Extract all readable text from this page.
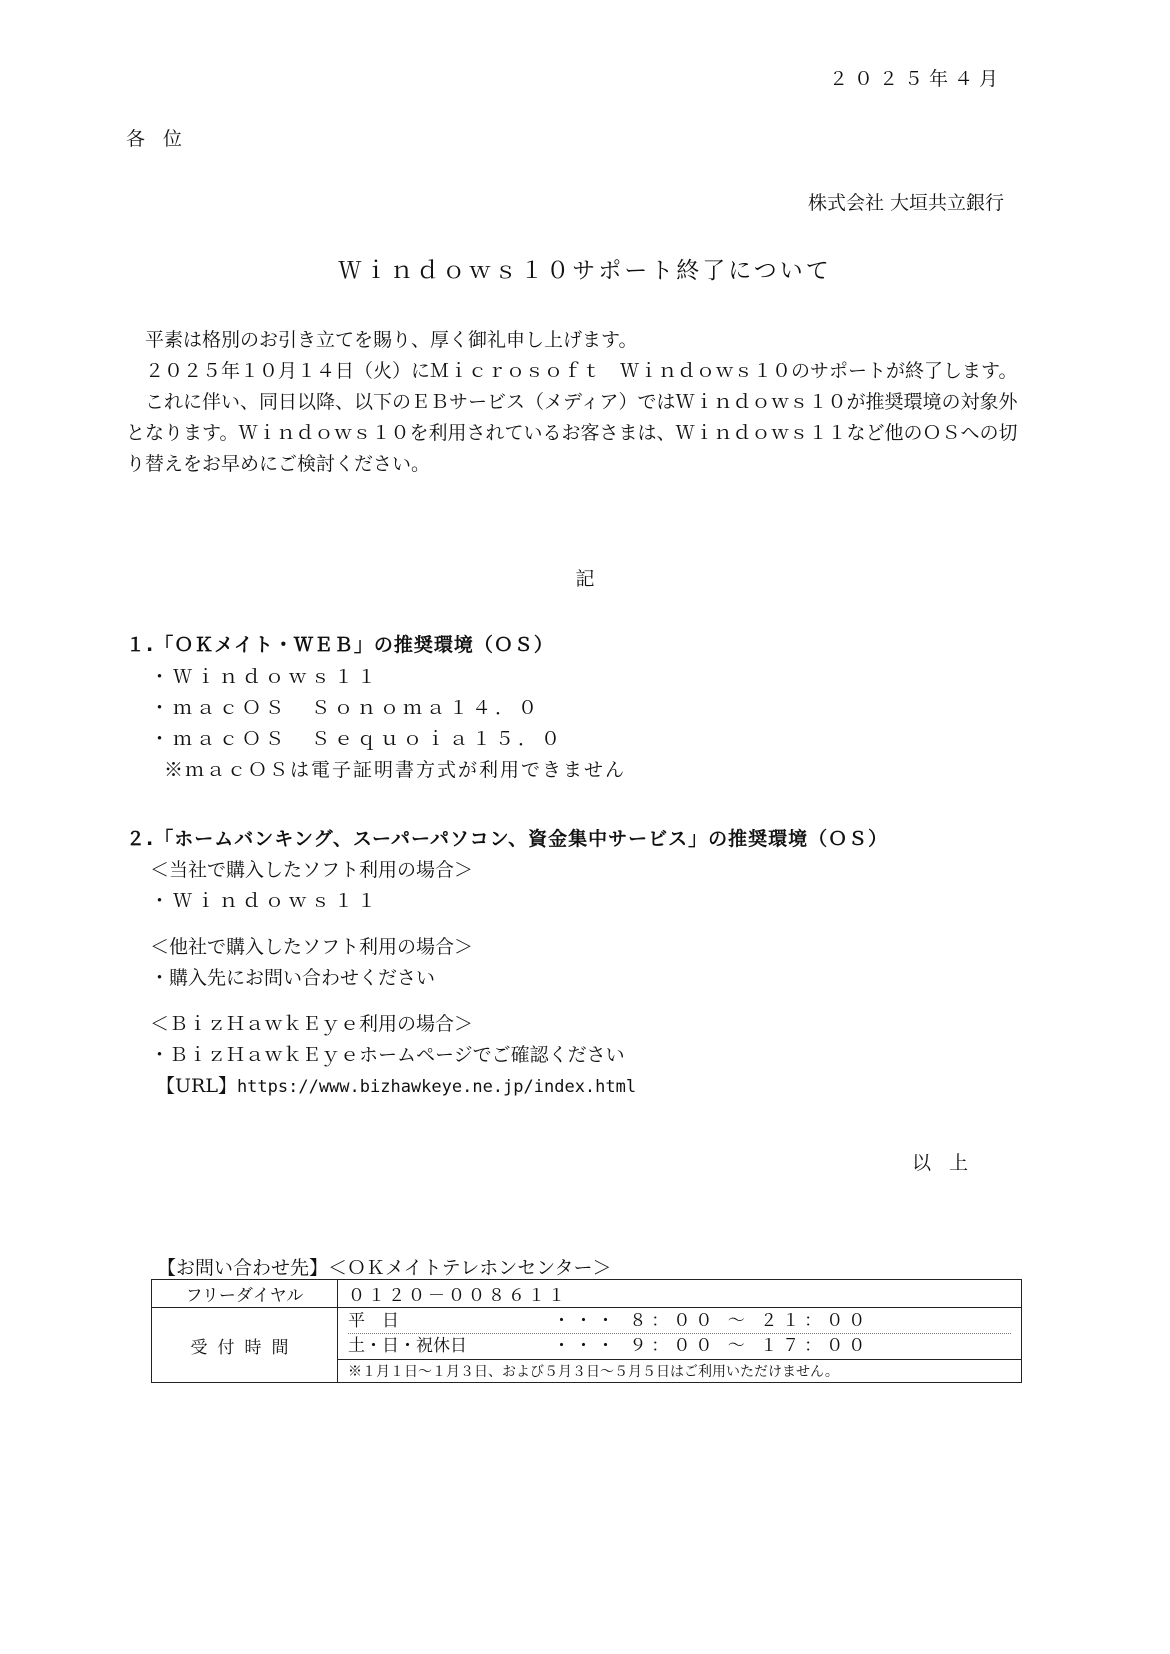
２０２５年４月
各位
株式会社 大垣共立銀行
Ｗｉｎｄｏｗｓ１０サポート終了について

平素は格別のお引き立てを賜り、厚く御礼申し上げます。

２０２５年１０月１４日（火）にＭｉｃｒｏｓｏｆｔ　Ｗｉｎｄｏｗｓ１０のサポートが終了します。

これに伴い、同日以降、以下のＥＢサービス（メディア）ではＷｉｎｄｏｗｓ１０が推奨環境の対象外となります。Ｗｉｎｄｏｗｓ１０を利用されているお客さまは、Ｗｉｎｄｏｗｓ１１など他のＯＳへの切り替えをお早めにご検討ください。

記
１.「ＯＫメイト・ＷＥＢ」の推奨環境（ＯＳ）
・Ｗｉｎｄｏｗｓ１１
・ｍａｃＯＳ　Ｓｏｎｏｍａ１４．０
・ｍａｃＯＳ　Ｓｅｑｕｏｉａ１５．０
※ｍａｃＯＳは電子証明書方式が利用できません
２.「ホームバンキング、スーパーパソコン、資金集中サービス」の推奨環境（ＯＳ）
＜当社で購入したソフト利用の場合＞
・Ｗｉｎｄｏｗｓ１１
＜他社で購入したソフト利用の場合＞
・購入先にお問い合わせください
＜ＢｉｚＨａｗｋＥｙｅ利用の場合＞
・ＢｉｚＨａｗｋＥｙｅホームページでご確認ください
【URL】https://www.bizhawkeye.ne.jp/index.html
以上
【お問い合わせ先】＜ＯＫメイトテレホンセンター＞
フリーダイヤル	０１２０－００８６１１
受付時間	平　日 ・・・ ８：００ ～ ２１：００
土・日・祝休日 ・・・ ９：００ ～ １７：００

	※１月１日～１月３日、および５月３日～５月５日はご利用いただけません。
